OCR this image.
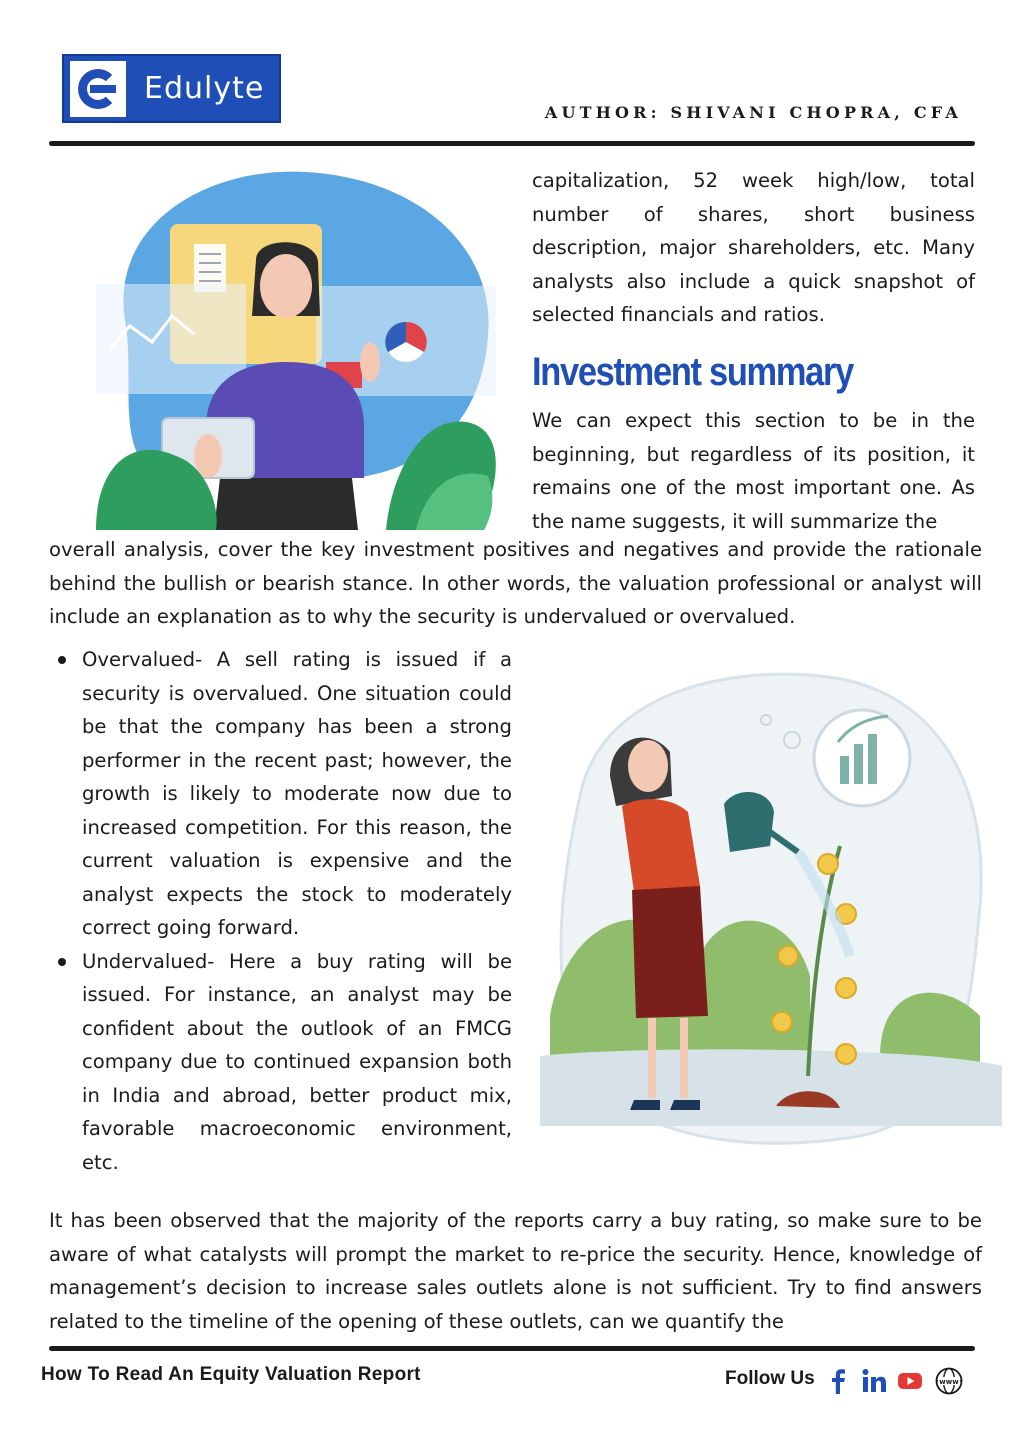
Edulyte
AUTHOR: SHIVANI CHOPRA, CFA

capitalization, 52 week high/low, total number of shares, short business description, major shareholders, etc. Many analysts also include a quick snapshot of selected financials and ratios.

Investment summary

We can expect this section to be in the beginning, but regardless of its position, it remains one of the most important one. As the name suggests, it will summarize the

overall analysis, cover the key investment positives and negatives and provide the rationale behind the bullish or bearish stance. In other words, the valuation professional or analyst will include an explanation as to why the security is undervalued or overvalued.

Overvalued- A sell rating is issued if a security is overvalued. One situation could be that the company has been a strong performer in the recent past; however, the growth is likely to moderate now due to increased competition. For this reason, the current valuation is expensive and the analyst expects the stock to moderately correct going forward.
Undervalued- Here a buy rating will be issued. For instance, an analyst may be confident about the outlook of an FMCG company due to continued expansion both in India and abroad, better product mix, favorable macroeconomic environment, etc.

It has been observed that the majority of the reports carry a buy rating, so make sure to be aware of what catalysts will prompt the market to re-price the security. Hence, knowledge of management’s decision to increase sales outlets alone is not sufficient. Try to find answers related to the timeline of the opening of these outlets, can we quantify the

How To Read An Equity Valuation Report	Follow Us	www
